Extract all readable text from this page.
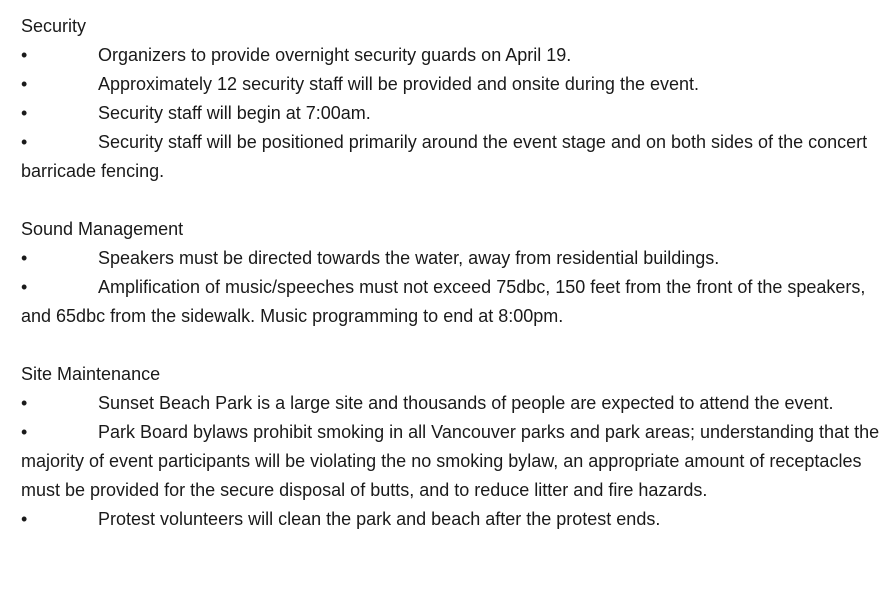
Security
•	Organizers to provide overnight security guards on April 19.
•	Approximately 12 security staff will be provided and onsite during the event.
•	Security staff will begin at 7:00am.
•	Security staff will be positioned primarily around the event stage and on both sides of the concert barricade fencing.
Sound Management
•	Speakers must be directed towards the water, away from residential buildings.
•	Amplification of music/speeches must not exceed 75dbc, 150 feet from the front of the speakers, and 65dbc from the sidewalk. Music programming to end at 8:00pm.
Site Maintenance
•	Sunset Beach Park is a large site and thousands of people are expected to attend the event.
•	Park Board bylaws prohibit smoking in all Vancouver parks and park areas; understanding that the majority of event participants will be violating the no smoking bylaw, an appropriate amount of receptacles must be provided for the secure disposal of butts, and to reduce litter and fire hazards.
•	Protest volunteers will clean the park and beach after the protest ends.
